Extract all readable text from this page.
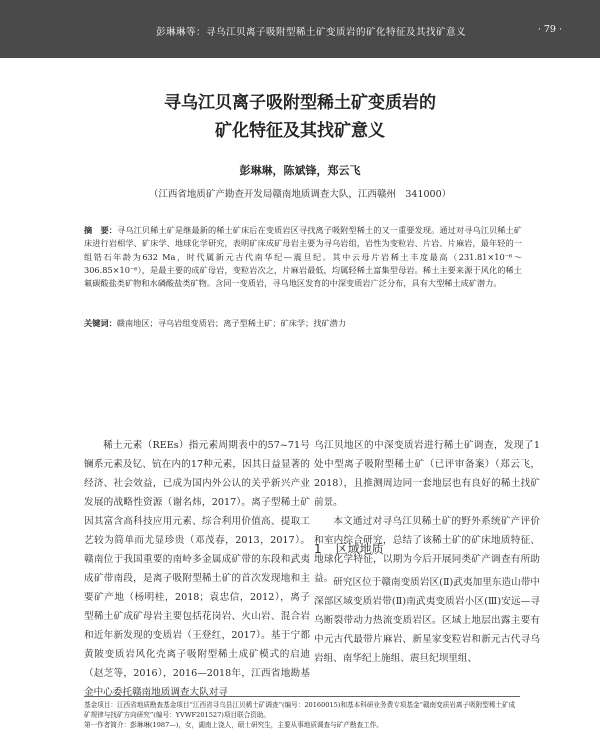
彭琳琳等：寻乌江贝离子吸附型稀土矿变质岩的矿化特征及其找矿意义	· 79 ·
寻乌江贝离子吸附型稀土矿变质岩的
矿化特征及其找矿意义
彭琳琳，陈斌锋，郑云飞
（江西省地质矿产勘查开发局赣南地质调查大队，江西赣州　341000）
摘　要：寻乌江贝稀土矿是继最新的稀土矿床后在变质岩区寻找离子吸附型稀土的又一重要发现。通过对寻乌江贝稀土矿床进行岩相学、矿床学、地球化学研究，表明矿床成矿母岩主要为寻乌岩组，岩性为变粒岩、片岩、片麻岩，最年轻的一组锆石年龄为632 Ma，时代属新元古代南华纪—震旦纪。其中云母片岩稀土丰度最高（231.81×10⁻⁶～306.85×10⁻⁶），是最主要的成矿母岩，变粒岩次之，片麻岩最低，均属轻稀土富集型母岩。稀土主要来源于风化的稀土氟碳酸盐类矿物和水磷酸盐类矿物。含同一变质岩，寻乌地区发育的中深变质岩广泛分布，具有大型稀土成矿潜力。
关键词：赣南地区；寻乌岩组变质岩；离子型稀土矿；矿床学；找矿潜力

稀土元素（REEs）指元素周期表中的57~71号镧系元素及钇、钪在内的17种元素，因其日益显著的经济、社会效益，已成为国内外公认的关乎新兴产业发展的战略性资源（谢名炜，2017）。离子型稀土矿因其富含高科技应用元素、综合利用价值高、提取工艺较为简单而尤显珍贵（邓茂春，2013，2017）。赣南位于我国重要的南岭多金属成矿带的东段和武夷成矿带南段，是离子吸附型稀土矿的首次发现地和主要矿产地（杨明桂，2018；袁忠信，2012），离子型稀土矿成矿母岩主要包括花岗岩、火山岩、混合岩和近年新发现的变质岩（王登红，2017）。基于宁都黄陂变质岩风化壳离子吸附型稀土成矿模式的启迪（赵芝等，2016），2016—2018年，江西省地勘基金中心委托赣南地质调查大队对寻

乌江贝地区的中深变质岩进行稀土矿调查，发现了1处中型离子吸附型稀土矿（已评审备案）（郑云飞，2018），且推测周边同一套地层也有良好的稀土找矿前景。

本文通过对寻乌江贝稀土矿的野外系统矿产评价和室内综合研究，总结了该稀土矿的矿床地质特征、地球化学特征，以期为今后开展同类矿产调查有所助益。

1 区域地质

研究区位于赣南变质岩区(Ⅱ)武夷加里东造山带中深部区域变质岩带(Ⅱ)南武夷变质岩小区(Ⅲ)安远—寻乌断裂带动力热流变质岩区。区域上地层出露主要有中元古代最带片麻岩、新星家变粒岩和新元古代寻乌岩组、南华纪上施组、震旦纪坝里组、

基金项目：江西省地质勘查基金项目“江西省寻乌县江贝稀土矿调查”(编号：20160015)和基本科研业务费专项基金“赣南变质岩离子吸附型稀土矿成矿规律与找矿方向研究”(编号：YVWF201527)项目联合资助。
第一作者简介：彭琳琳(1987—)，女，湖南上饶人，硕士研究生，主要从事地质调查与矿产勘查工作。
